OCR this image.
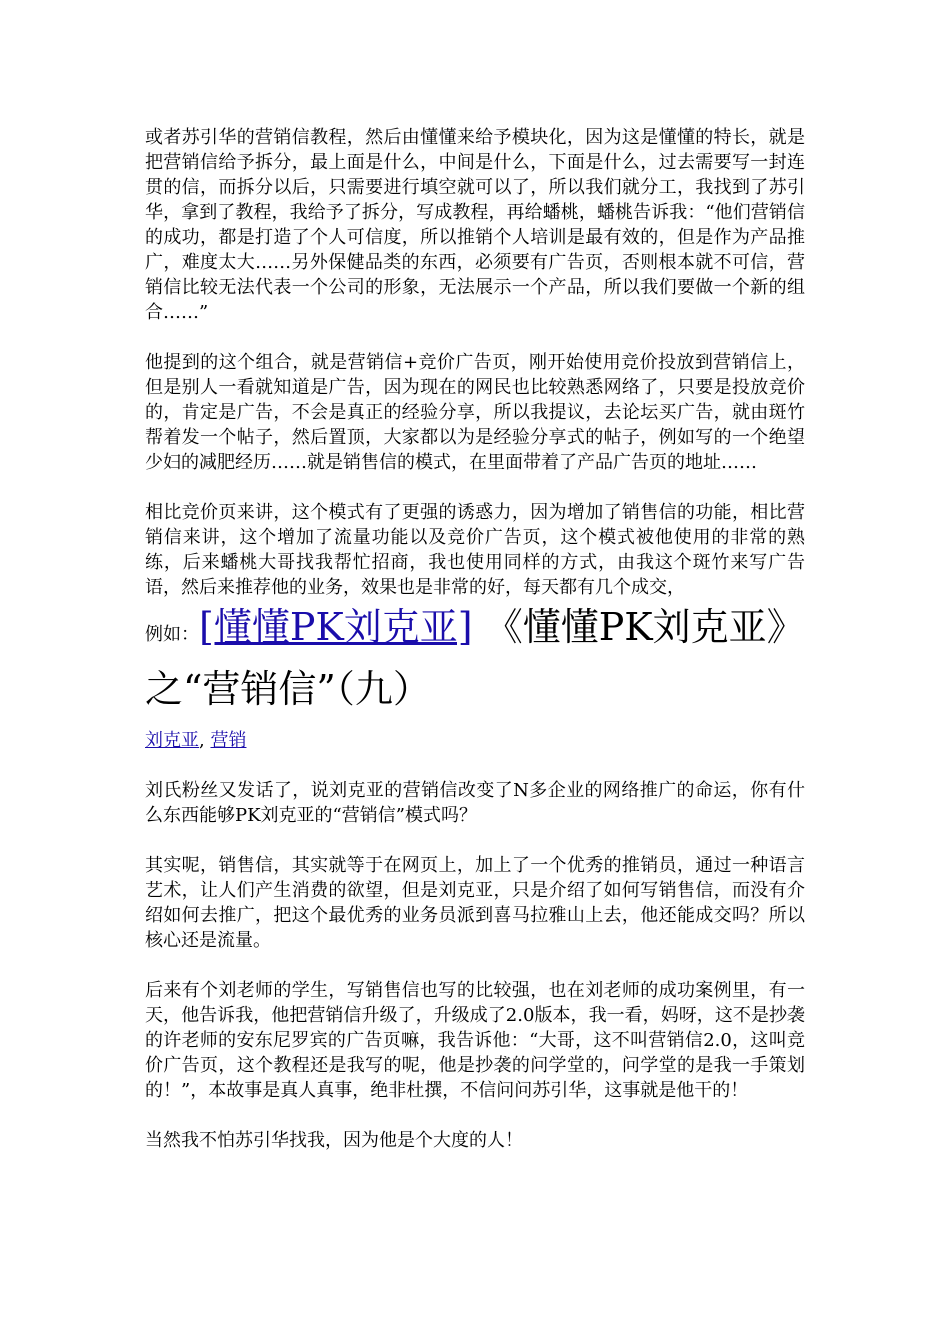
或者苏引华的营销信教程，然后由懂懂来给予模块化，因为这是懂懂的特长，就是把营销信给予拆分，最上面是什么，中间是什么，下面是什么，过去需要写一封连贯的信，而拆分以后，只需要进行填空就可以了，所以我们就分工，我找到了苏引华，拿到了教程，我给予了拆分，写成教程，再给蟠桃，蟠桃告诉我：“他们营销信的成功，都是打造了个人可信度，所以推销个人培训是最有效的，但是作为产品推广，难度太大……另外保健品类的东西，必须要有广告页，否则根本就不可信，营销信比较无法代表一个公司的形象，无法展示一个产品，所以我们要做一个新的组合……”

他提到的这个组合，就是营销信+竞价广告页，刚开始使用竞价投放到营销信上，但是别人一看就知道是广告，因为现在的网民也比较熟悉网络了，只要是投放竞价的，肯定是广告，不会是真正的经验分享，所以我提议，去论坛买广告，就由斑竹帮着发一个帖子，然后置顶，大家都以为是经验分享式的帖子，例如写的一个绝望少妇的减肥经历……就是销售信的模式，在里面带着了产品广告页的地址……

相比竞价页来讲，这个模式有了更强的诱惑力，因为增加了销售信的功能，相比营销信来讲，这个增加了流量功能以及竞价广告页，这个模式被他使用的非常的熟练，后来蟠桃大哥找我帮忙招商，我也使用同样的方式，由我这个斑竹来写广告语，然后来推荐他的业务，效果也是非常的好，每天都有几个成交，

例如：[懂懂PK刘克亚] 《懂懂PK刘克亚》之“营销信”（九）

刘克亚, 营销

刘氏粉丝又发话了，说刘克亚的营销信改变了N多企业的网络推广的命运，你有什么东西能够PK刘克亚的“营销信”模式吗？

其实呢，销售信，其实就等于在网页上，加上了一个优秀的推销员，通过一种语言艺术，让人们产生消费的欲望，但是刘克亚，只是介绍了如何写销售信，而没有介绍如何去推广，把这个最优秀的业务员派到喜马拉雅山上去，他还能成交吗？所以核心还是流量。

后来有个刘老师的学生，写销售信也写的比较强，也在刘老师的成功案例里，有一天，他告诉我，他把营销信升级了，升级成了2.0版本，我一看，妈呀，这不是抄袭的许老师的安东尼罗宾的广告页嘛，我告诉他：“大哥，这不叫营销信2.0，这叫竞价广告页，这个教程还是我写的呢，他是抄袭的问学堂的，问学堂的是我一手策划的！”，本故事是真人真事，绝非杜撰，不信问问苏引华，这事就是他干的！

当然我不怕苏引华找我，因为他是个大度的人！
